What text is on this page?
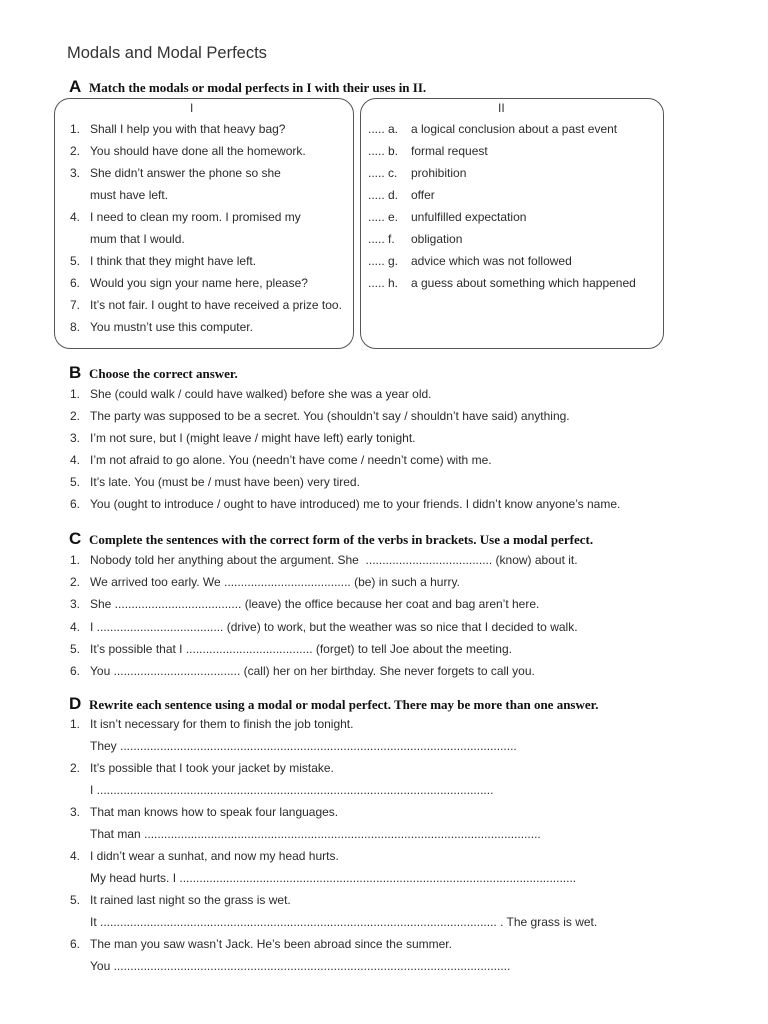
Modals and Modal Perfects
A Match the modals or modal perfects in I with their uses in II.
I	II
1. Shall I help you with that heavy bag?
2. You should have done all the homework.
3. She didn’t answer the phone so she
must have left.
4. I need to clean my room. I promised my
mum that I would.
5. I think that they might have left.
6. Would you sign your name here, please?
7. It’s not fair. I ought to have received a prize too.
8. You mustn’t use this computer.
..... a. a logical conclusion about a past event
..... b. formal request
..... c. prohibition
..... d. offer
..... e. unfulfilled expectation
..... f. obligation
..... g. advice which was not followed
..... h. a guess about something which happened
B Choose the correct answer.
1. She (could walk / could have walked) before she was a year old.
2. The party was supposed to be a secret. You (shouldn’t say / shouldn’t have said) anything.
3. I’m not sure, but I (might leave / might have left) early tonight.
4. I’m not afraid to go alone. You (needn’t have come / needn’t come) with me.
5. It’s late. You (must be / must have been) very tired.
6. You (ought to introduce / ought to have introduced) me to your friends. I didn’t know anyone’s name.
C Complete the sentences with the correct form of the verbs in brackets. Use a modal perfect.
1. Nobody told her anything about the argument. She  ...................................... (know) about it.
2. We arrived too early. We ...................................... (be) in such a hurry.
3. She ...................................... (leave) the office because her coat and bag aren’t here.
4. I ...................................... (drive) to work, but the weather was so nice that I decided to walk.
5. It’s possible that I ...................................... (forget) to tell Joe about the meeting.
6. You ...................................... (call) her on her birthday. She never forgets to call you.
D Rewrite each sentence using a modal or modal perfect. There may be more than one answer.
1. It isn’t necessary for them to finish the job tonight.
They .......................................................................................................................
2. It’s possible that I took your jacket by mistake.
I .......................................................................................................................
3. That man knows how to speak four languages.
That man .......................................................................................................................
4. I didn’t wear a sunhat, and now my head hurts.
My head hurts. I .......................................................................................................................
5. It rained last night so the grass is wet.
It ....................................................................................................................... . The grass is wet.
6. The man you saw wasn’t Jack. He’s been abroad since the summer.
You .......................................................................................................................
